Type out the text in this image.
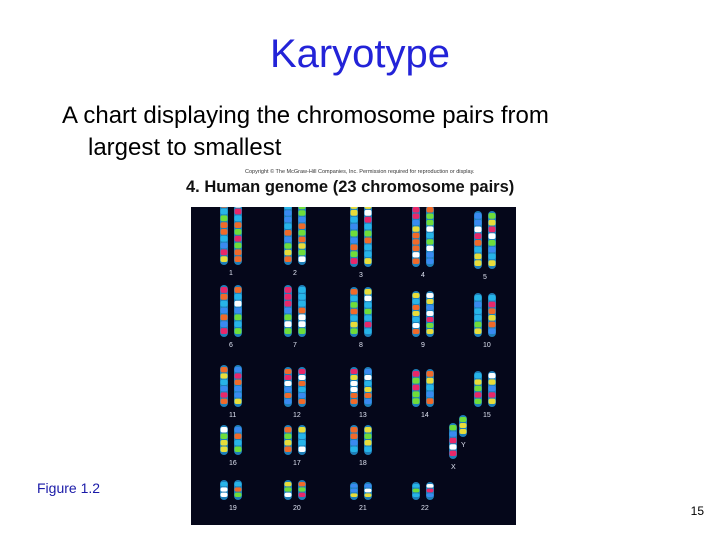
Karyotype
A chart displaying the chromosome pairs from
largest to smallest
Copyright © The McGraw-Hill Companies, Inc. Permission required for reproduction or display.
4. Human genome (23 chromosome pairs)
1	2	3	4	5
6	7	8	9	10
11	12	13	14	15
16	17	18
19	20	21	22
Y
X
Figure 1.2
15
